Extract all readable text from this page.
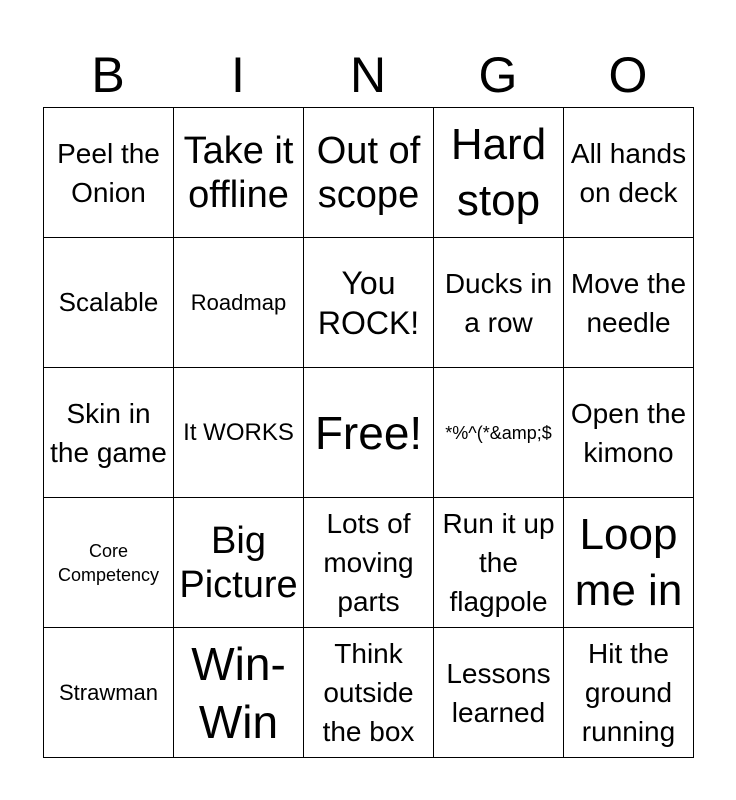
B	I	N	G	O
Peel the Onion	Take it offline	Out of scope	Hard stop	All hands on deck
Scalable	Roadmap	You ROCK!	Ducks in a row	Move the needle
Skin in the game	It WORKS	Free!	*%^(*&amp;$	Open the kimono
Core Competency	Big Picture	Lots of moving parts	Run it up the flagpole	Loop me in
Strawman	Win-Win	Think outside the box	Lessons learned	Hit the ground running
